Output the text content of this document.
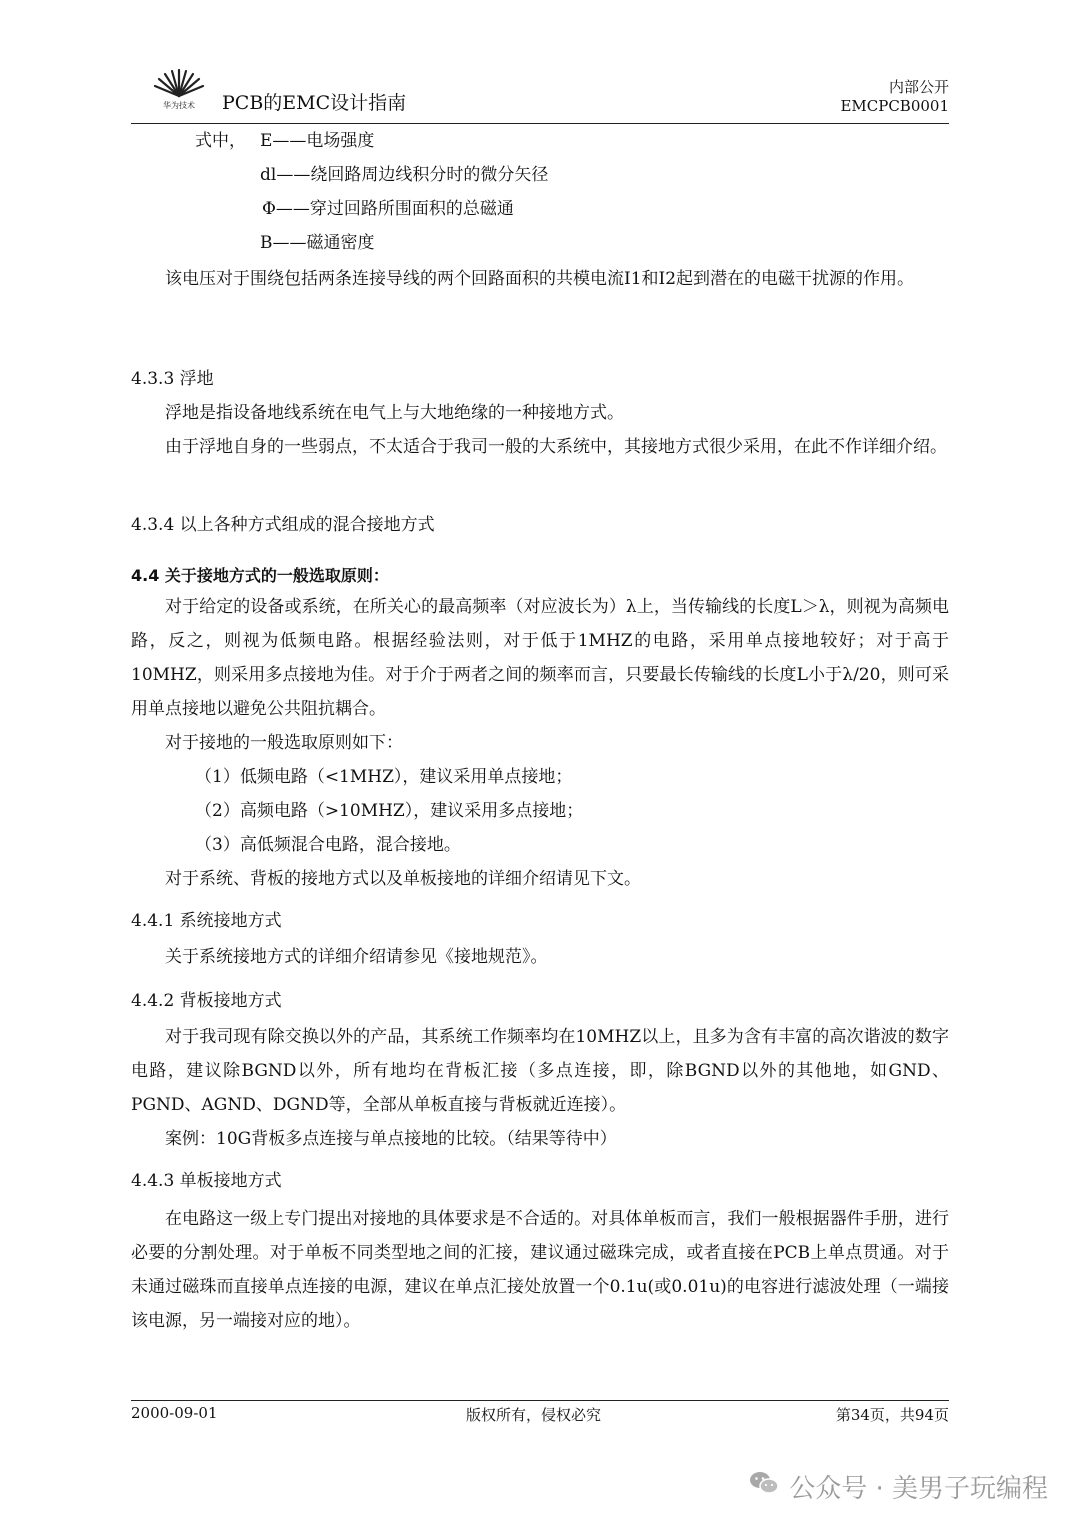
华为技术 PCB的EMC设计指南
内部公开
EMCPCB0001
式中， E——电场强度
dl——绕回路周边线积分时的微分矢径
Φ——穿过回路所围面积的总磁通
B——磁通密度
该电压对于围绕包括两条连接导线的两个回路面积的共模电流I1和I2起到潜在的电磁干扰源的作用。
4.3.3 浮地
浮地是指设备地线系统在电气上与大地绝缘的一种接地方式。
由于浮地自身的一些弱点，不太适合于我司一般的大系统中，其接地方式很少采用，在此不作详细介绍。
4.3.4 以上各种方式组成的混合接地方式
4.4 关于接地方式的一般选取原则：
对于给定的设备或系统，在所关心的最高频率（对应波长为）λ上，当传输线的长度L＞λ，则视为高频电路，反之，则视为低频电路。根据经验法则，对于低于1MHZ的电路，采用单点接地较好；对于高于10MHZ，则采用多点接地为佳。对于介于两者之间的频率而言，只要最长传输线的长度L小于λ/20，则可采用单点接地以避免公共阻抗耦合。
对于接地的一般选取原则如下：
（1）低频电路（<1MHZ），建议采用单点接地；
（2）高频电路（>10MHZ），建议采用多点接地；
（3）高低频混合电路，混合接地。
对于系统、背板的接地方式以及单板接地的详细介绍请见下文。
4.4.1 系统接地方式
关于系统接地方式的详细介绍请参见《接地规范》。
4.4.2 背板接地方式
对于我司现有除交换以外的产品，其系统工作频率均在10MHZ以上，且多为含有丰富的高次谐波的数字电路，建议除BGND以外，所有地均在背板汇接（多点连接，即，除BGND以外的其他地，如GND、PGND、AGND、DGND等，全部从单板直接与背板就近连接）。
案例：10G背板多点连接与单点接地的比较。（结果等待中）
4.4.3 单板接地方式
在电路这一级上专门提出对接地的具体要求是不合适的。对具体单板而言，我们一般根据器件手册，进行必要的分割处理。对于单板不同类型地之间的汇接，建议通过磁珠完成，或者直接在PCB上单点贯通。对于未通过磁珠而直接单点连接的电源，建议在单点汇接处放置一个0.1u(或0.01u)的电容进行滤波处理（一端接该电源，另一端接对应的地）。
2000-09-01	版权所有，侵权必究	第34页，共94页
公众号 · 美男子玩编程
